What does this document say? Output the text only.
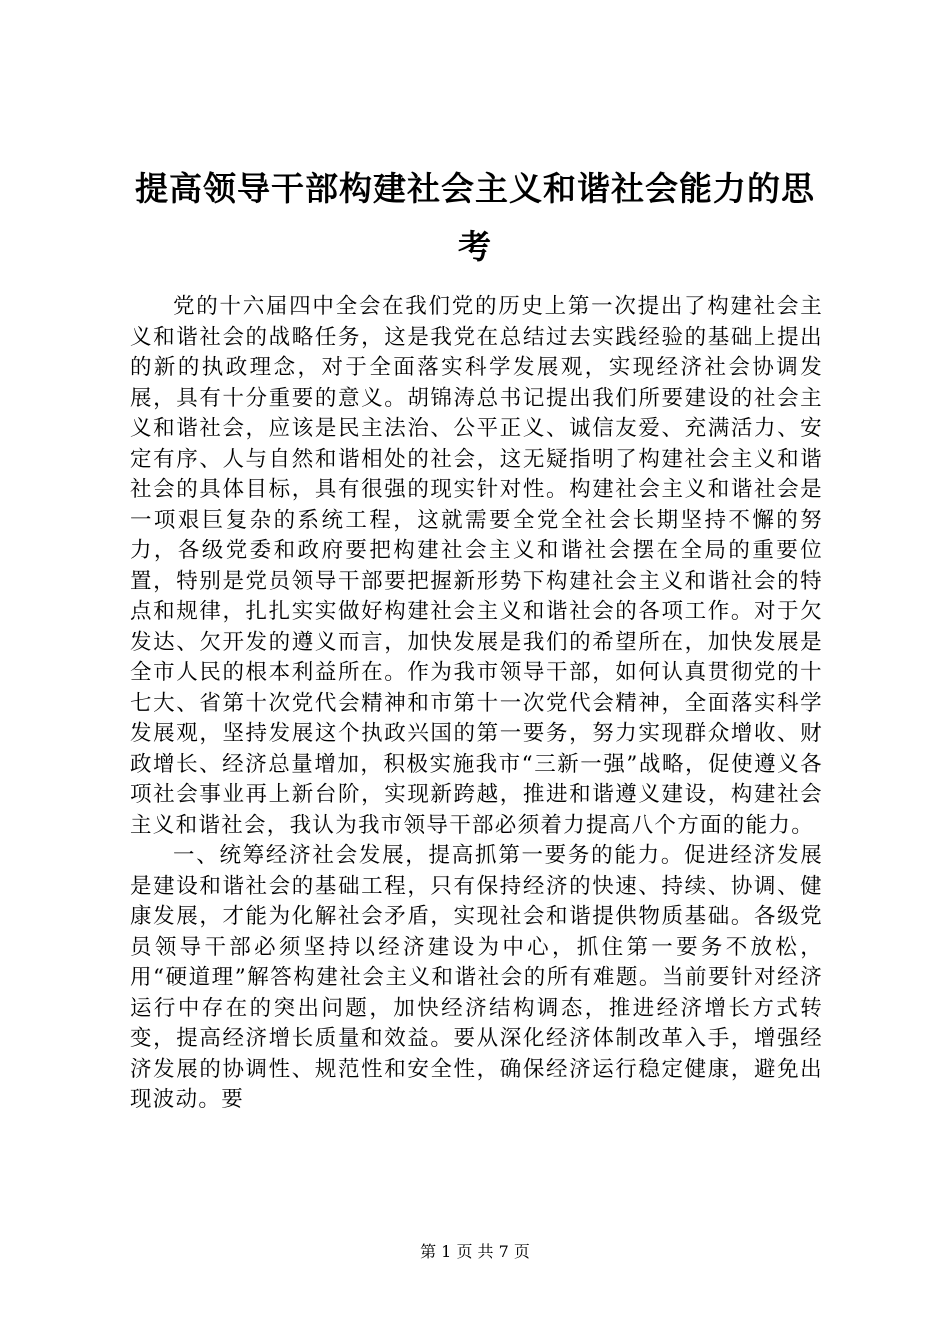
提高领导干部构建社会主义和谐社会能力的思考

党的十六届四中全会在我们党的历史上第一次提出了构建社会主义和谐社会的战略任务，这是我党在总结过去实践经验的基础上提出的新的执政理念，对于全面落实科学发展观，实现经济社会协调发展，具有十分重要的意义。胡锦涛总书记提出我们所要建设的社会主义和谐社会，应该是民主法治、公平正义、诚信友爱、充满活力、安定有序、人与自然和谐相处的社会，这无疑指明了构建社会主义和谐社会的具体目标，具有很强的现实针对性。构建社会主义和谐社会是一项艰巨复杂的系统工程，这就需要全党全社会长期坚持不懈的努力，各级党委和政府要把构建社会主义和谐社会摆在全局的重要位置，特别是党员领导干部要把握新形势下构建社会主义和谐社会的特点和规律，扎扎实实做好构建社会主义和谐社会的各项工作。对于欠发达、欠开发的遵义而言，加快发展是我们的希望所在，加快发展是全市人民的根本利益所在。作为我市领导干部，如何认真贯彻党的十七大、省第十次党代会精神和市第十一次党代会精神，全面落实科学发展观，坚持发展这个执政兴国的第一要务，努力实现群众增收、财政增长、经济总量增加，积极实施我市“三新一强”战略，促使遵义各项社会事业再上新台阶，实现新跨越，推进和谐遵义建设，构建社会主义和谐社会，我认为我市领导干部必须着力提高八个方面的能力。

一、统筹经济社会发展，提高抓第一要务的能力。促进经济发展是建设和谐社会的基础工程，只有保持经济的快速、持续、协调、健康发展，才能为化解社会矛盾，实现社会和谐提供物质基础。各级党员领导干部必须坚持以经济建设为中心，抓住第一要务不放松，用“硬道理”解答构建社会主义和谐社会的所有难题。当前要针对经济运行中存在的突出问题，加快经济结构调态，推进经济增长方式转变，提高经济增长质量和效益。要从深化经济体制改革入手，增强经济发展的协调性、规范性和安全性，确保经济运行稳定健康，避免出现波动。要

第 1 页 共 7 页
